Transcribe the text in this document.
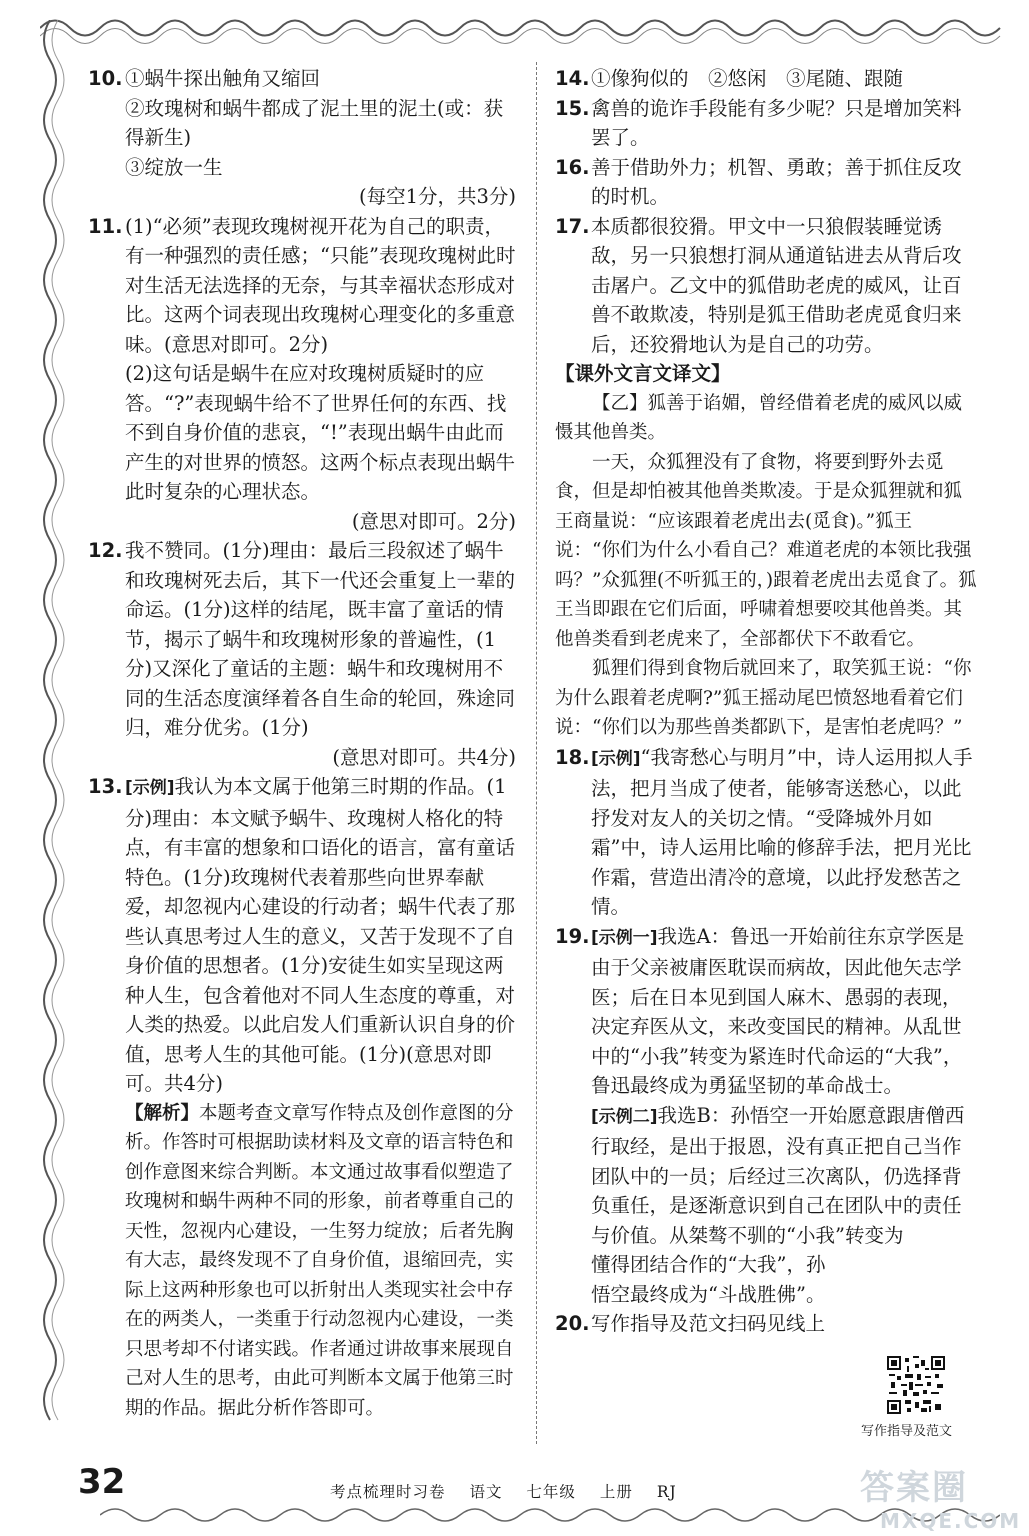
10. ①蜗牛探出触角又缩回

②玫瑰树和蜗牛都成了泥土里的泥土(或：获得新生)

③绽放一生

(每空1分，共3分)

11. (1)“必须”表现玫瑰树视开花为自己的职责，有一种强烈的责任感；“只能”表现玫瑰树此时对生活无法选择的无奈，与其幸福状态形成对比。这两个词表现出玫瑰树心理变化的多重意味。(意思对即可。2分)

(2)这句话是蜗牛在应对玫瑰树质疑时的应答。“?”表现蜗牛给不了世界任何的东西、找不到自身价值的悲哀，“!”表现出蜗牛由此而产生的对世界的愤怒。这两个标点表现出蜗牛此时复杂的心理状态。

(意思对即可。2分)

12. 我不赞同。(1分)理由：最后三段叙述了蜗牛和玫瑰树死去后，其下一代还会重复上一辈的命运。(1分)这样的结尾，既丰富了童话的情节，揭示了蜗牛和玫瑰树形象的普遍性，(1分)又深化了童话的主题：蜗牛和玫瑰树用不同的生活态度演绎着各自生命的轮回，殊途同归，难分优劣。(1分)

(意思对即可。共4分)

13. [示例]我认为本文属于他第三时期的作品。(1分)理由：本文赋予蜗牛、玫瑰树人格化的特点，有丰富的想象和口语化的语言，富有童话特色。(1分)玫瑰树代表着那些向世界奉献爱，却忽视内心建设的行动者；蜗牛代表了那些认真思考过人生的意义，又苦于发现不了自身价值的思想者。(1分)安徒生如实呈现这两种人生，包含着他对不同人生态度的尊重，对人类的热爱。以此启发人们重新认识自身的价值，思考人生的其他可能。(1分)(意思对即可。共4分)

【解析】本题考查文章写作特点及创作意图的分析。作答时可根据助读材料及文章的语言特色和创作意图来综合判断。本文通过故事看似塑造了玫瑰树和蜗牛两种不同的形象，前者尊重自己的天性，忽视内心建设，一生努力绽放；后者先胸有大志，最终发现不了自身价值，退缩回壳，实际上这两种形象也可以折射出人类现实社会中存在的两类人，一类重于行动忽视内心建设，一类只思考却不付诸实践。作者通过讲故事来展现自己对人生的思考，由此可判断本文属于他第三时期的作品。据此分析作答即可。

14. ①像狗似的　②悠闲　③尾随、跟随

15. 禽兽的诡诈手段能有多少呢？只是增加笑料罢了。

16. 善于借助外力；机智、勇敢；善于抓住反攻的时机。

17. 本质都很狡猾。甲文中一只狼假装睡觉诱敌，另一只狼想打洞从通道钻进去从背后攻击屠户。乙文中的狐借助老虎的威风，让百兽不敢欺凌，特别是狐王借助老虎觅食归来后，还狡猾地认为是自己的功劳。

【课外文言文译文】

【乙】狐善于谄媚，曾经借着老虎的威风以威慑其他兽类。

一天，众狐狸没有了食物，将要到野外去觅食，但是却怕被其他兽类欺凌。于是众狐狸就和狐王商量说：“应该跟着老虎出去(觅食)。”狐王说：“你们为什么小看自己？难道老虎的本领比我强吗？”众狐狸(不听狐王的，)跟着老虎出去觅食了。狐王当即跟在它们后面，呼啸着想要咬其他兽类。其他兽类看到老虎来了，全部都伏下不敢看它。

狐狸们得到食物后就回来了，取笑狐王说：“你为什么跟着老虎啊?”狐王摇动尾巴愤怒地看着它们说：“你们以为那些兽类都趴下，是害怕老虎吗？”

18. [示例]“我寄愁心与明月”中，诗人运用拟人手法，把月当成了使者，能够寄送愁心，以此抒发对友人的关切之情。“受降城外月如霜”中，诗人运用比喻的修辞手法，把月光比作霜，营造出清冷的意境，以此抒发愁苦之情。

19. [示例一]我选A：鲁迅一开始前往东京学医是由于父亲被庸医耽误而病故，因此他矢志学医；后在日本见到国人麻木、愚弱的表现，决定弃医从文，来改变国民的精神。从乱世中的“小我”转变为紧连时代命运的“大我”，鲁迅最终成为勇猛坚韧的革命战士。

[示例二]我选B：孙悟空一开始愿意跟唐僧西行取经，是出于报恩，没有真正把自己当作团队中的一员；后经过三次离队，仍选择背负重任，是逐渐意识到自己在团队中的责任与价值。从桀骜不驯的“小我”转变为

懂得团结合作的“大我”，孙

悟空最终成为“斗战胜佛”。

20. 写作指导及范文扫码见线上

写作指导及范文
32	考点梳理时习卷 语文 七年级 上册 RJ	答案圈
MXQE.COM
